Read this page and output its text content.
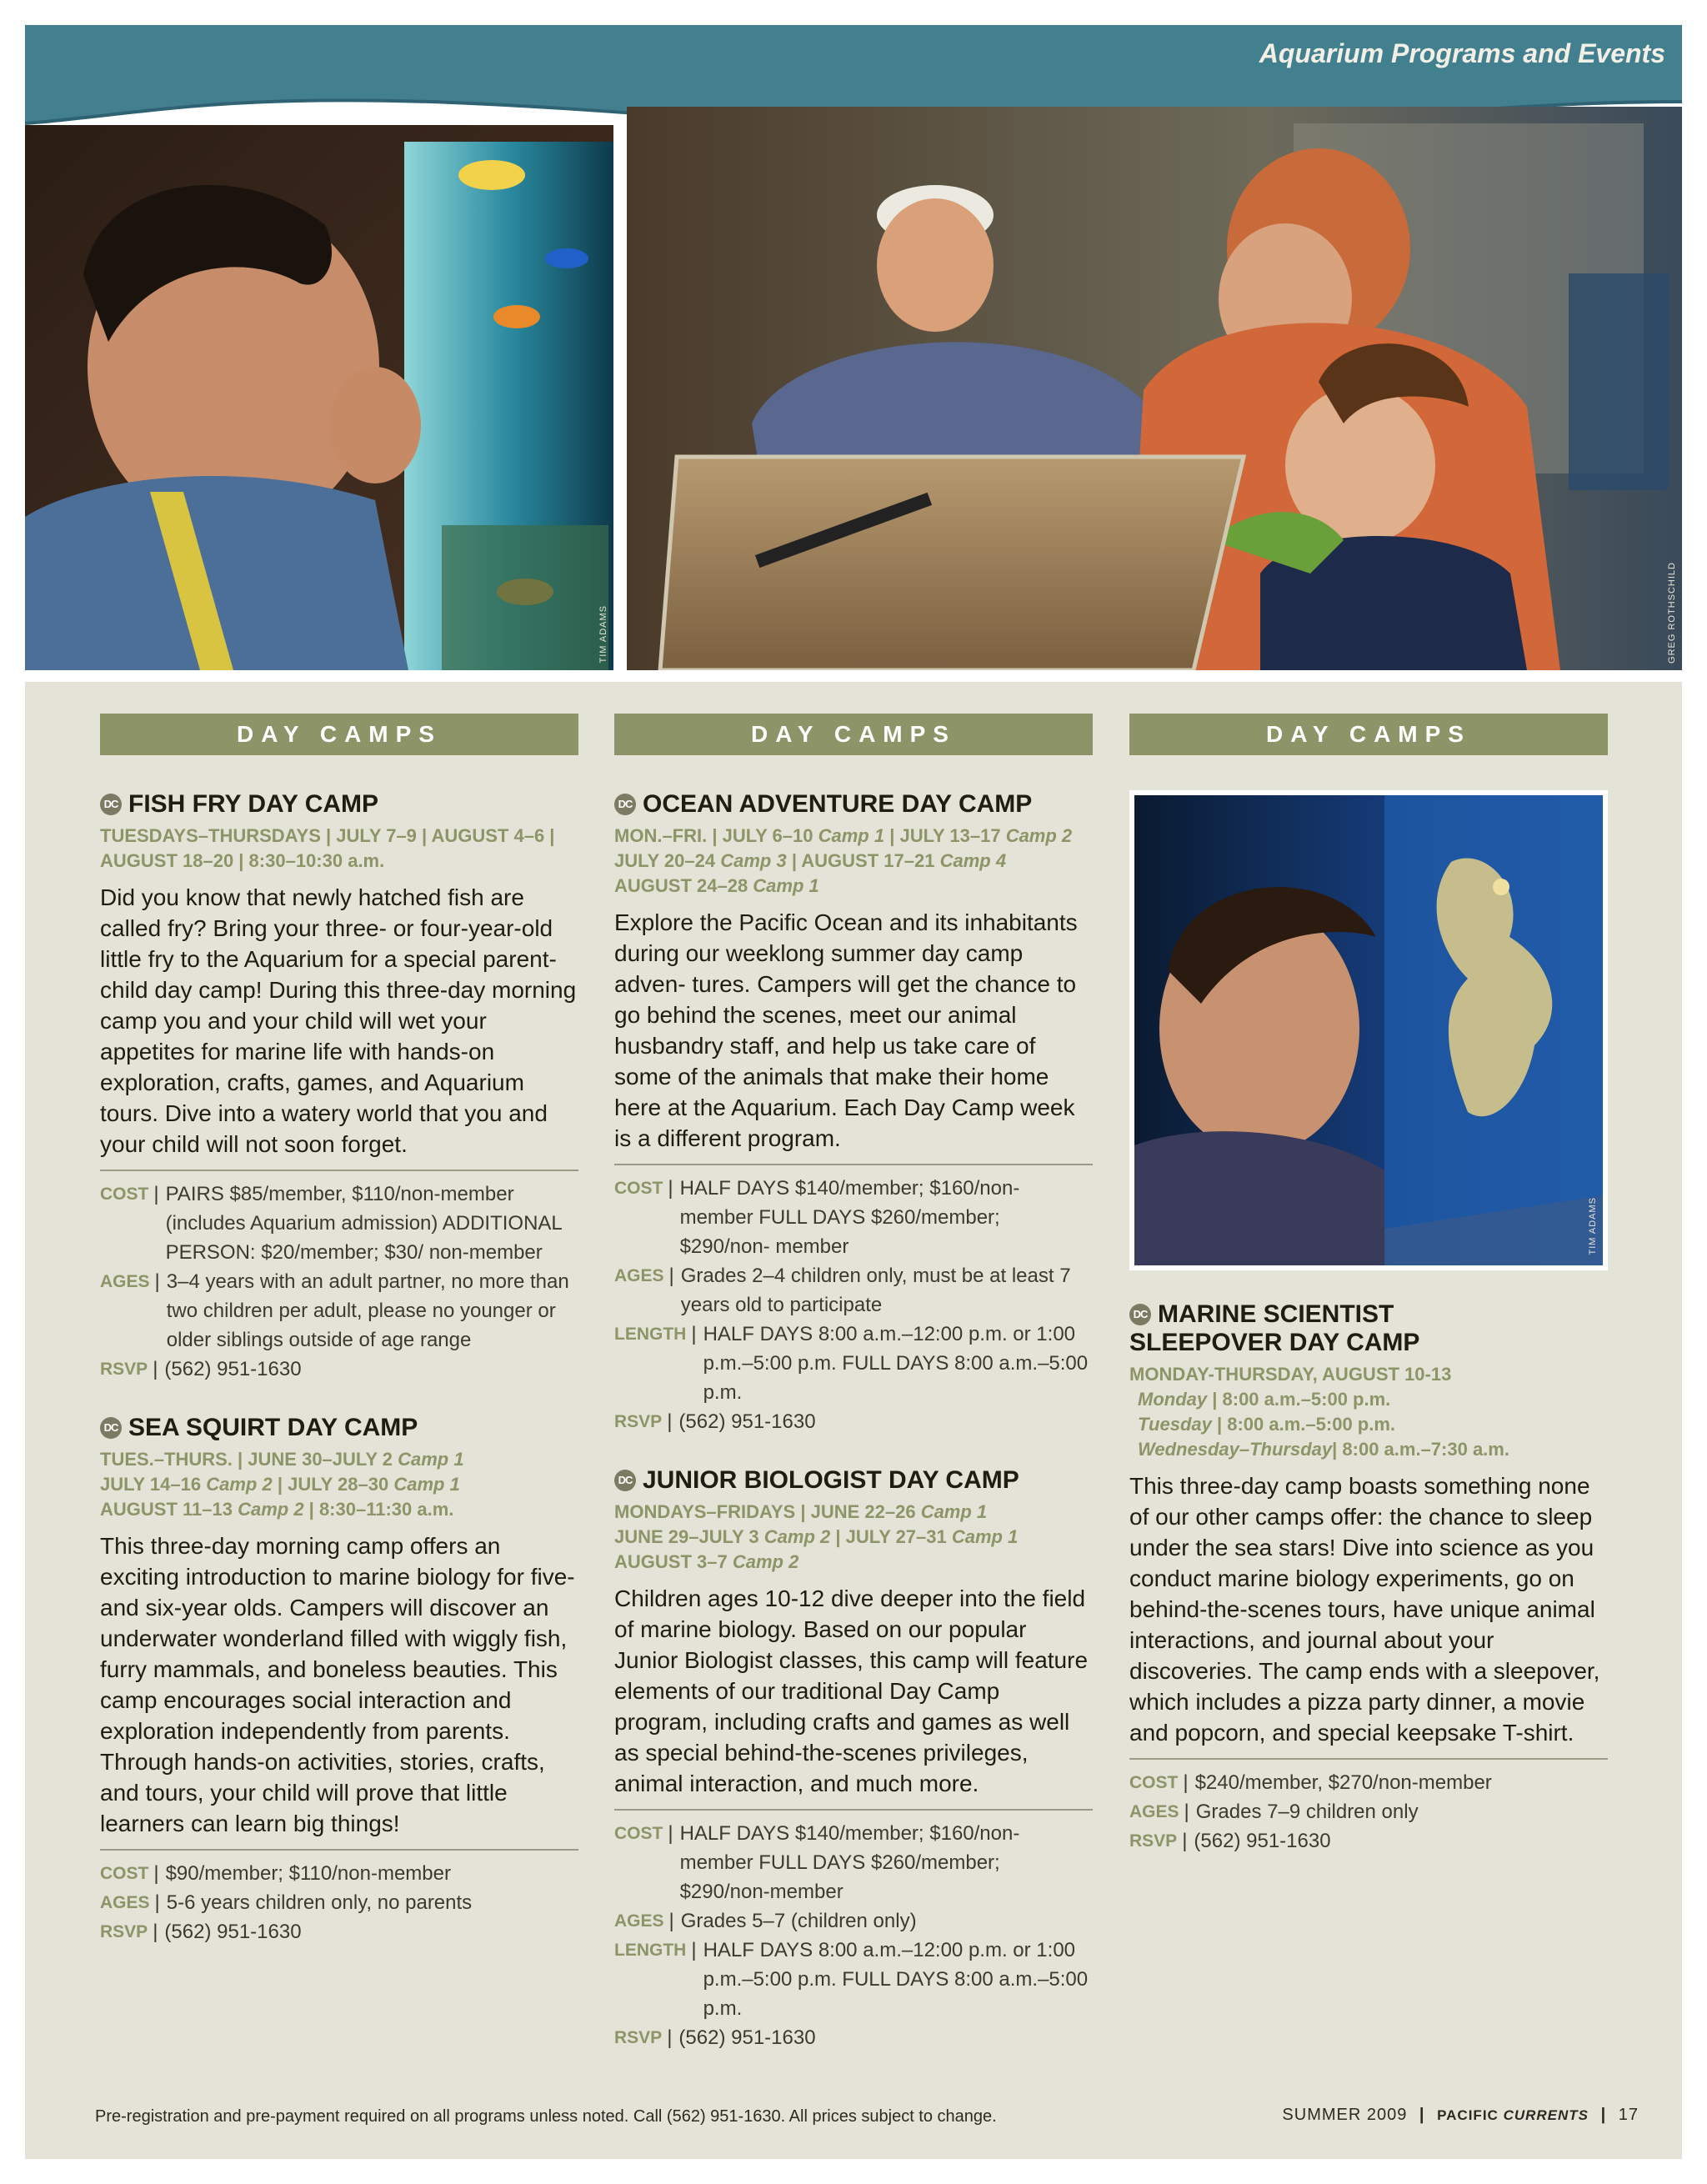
Aquarium Programs and Events
TIM ADAMS	GREG ROTHSCHILD
DAY CAMPS
DC FISH FRY DAY CAMP
TUESDAYS–THURSDAYS | JULY 7–9 | AUGUST 4–6 |
AUGUST 18–20 | 8:30–10:30 a.m.
Did you know that newly hatched fish are called fry? Bring your three- or four-year-old little fry to the Aquarium for a special parent-child day camp! During this three-day morning camp you and your child will wet your appetites for marine life with hands-on exploration, crafts, games, and Aquarium tours. Dive into a watery world that you and your child will not soon forget.
COST | PAIRS $85/member, $110/non-member (includes Aquarium admission) ADDITIONAL PERSON: $20/member; $30/ non-member
AGES | 3–4 years with an adult partner, no more than two children per adult, please no younger or older siblings outside of age range
RSVP | (562) 951-1630
DC SEA SQUIRT DAY CAMP
TUES.–THURS. | JUNE 30–JULY 2 Camp 1
JULY 14–16 Camp 2 | JULY 28–30 Camp 1
AUGUST 11–13 Camp 2 | 8:30–11:30 a.m.
This three-day morning camp offers an exciting introduction to marine biology for five- and six-year olds. Campers will discover an underwater wonderland filled with wiggly fish, furry mammals, and boneless beauties. This camp encourages social interaction and exploration independently from parents. Through hands-on activities, stories, crafts, and tours, your child will prove that little learners can learn big things!
COST | $90/member; $110/non-member
AGES | 5-6 years children only, no parents
RSVP | (562) 951-1630
DAY CAMPS
DC OCEAN ADVENTURE DAY CAMP
MON.–FRI. | JULY 6–10 Camp 1 | JULY 13–17 Camp 2
JULY 20–24 Camp 3 | AUGUST 17–21 Camp 4
AUGUST 24–28 Camp 1
Explore the Pacific Ocean and its inhabitants during our weeklong summer day camp adven- tures. Campers will get the chance to go behind the scenes, meet our animal husbandry staff, and help us take care of some of the animals that make their home here at the Aquarium. Each Day Camp week is a different program.
COST | HALF DAYS $140/member; $160/non- member FULL DAYS $260/member; $290/non- member
AGES | Grades 2–4 children only, must be at least 7 years old to participate
LENGTH | HALF DAYS 8:00 a.m.–12:00 p.m. or 1:00 p.m.–5:00 p.m. FULL DAYS 8:00 a.m.–5:00 p.m.
RSVP | (562) 951-1630
DC JUNIOR BIOLOGIST DAY CAMP
MONDAYS–FRIDAYS | JUNE 22–26 Camp 1
JUNE 29–JULY 3 Camp 2 | JULY 27–31 Camp 1
AUGUST 3–7 Camp 2
Children ages 10-12 dive deeper into the field of marine biology. Based on our popular Junior Biologist classes, this camp will feature elements of our traditional Day Camp program, including crafts and games as well as special behind-the-scenes privileges, animal interaction, and much more.
COST | HALF DAYS $140/member; $160/non-member FULL DAYS $260/member; $290/non-member
AGES | Grades 5–7 (children only)
LENGTH | HALF DAYS 8:00 a.m.–12:00 p.m. or 1:00 p.m.–5:00 p.m. FULL DAYS 8:00 a.m.–5:00 p.m.
RSVP | (562) 951-1630
DAY CAMPS
TIM ADAMS
DC MARINE SCIENTIST
SLEEPOVER DAY CAMP
MONDAY-THURSDAY, AUGUST 10-13
Monday | 8:00 a.m.–5:00 p.m.
Tuesday | 8:00 a.m.–5:00 p.m.
Wednesday–Thursday| 8:00 a.m.–7:30 a.m.
This three-day camp boasts something none of our other camps offer: the chance to sleep under the sea stars! Dive into science as you conduct marine biology experiments, go on behind-the-scenes tours, have unique animal interactions, and journal about your discoveries. The camp ends with a sleepover, which includes a pizza party dinner, a movie and popcorn, and special keepsake T-shirt.
COST | $240/member, $270/non-member
AGES | Grades 7–9 children only
RSVP | (562) 951-1630
Pre-registration and pre-payment required on all programs unless noted. Call (562) 951-1630. All prices subject to change.	SUMMER 2009 | PACIFIC CURRENTS | 17
